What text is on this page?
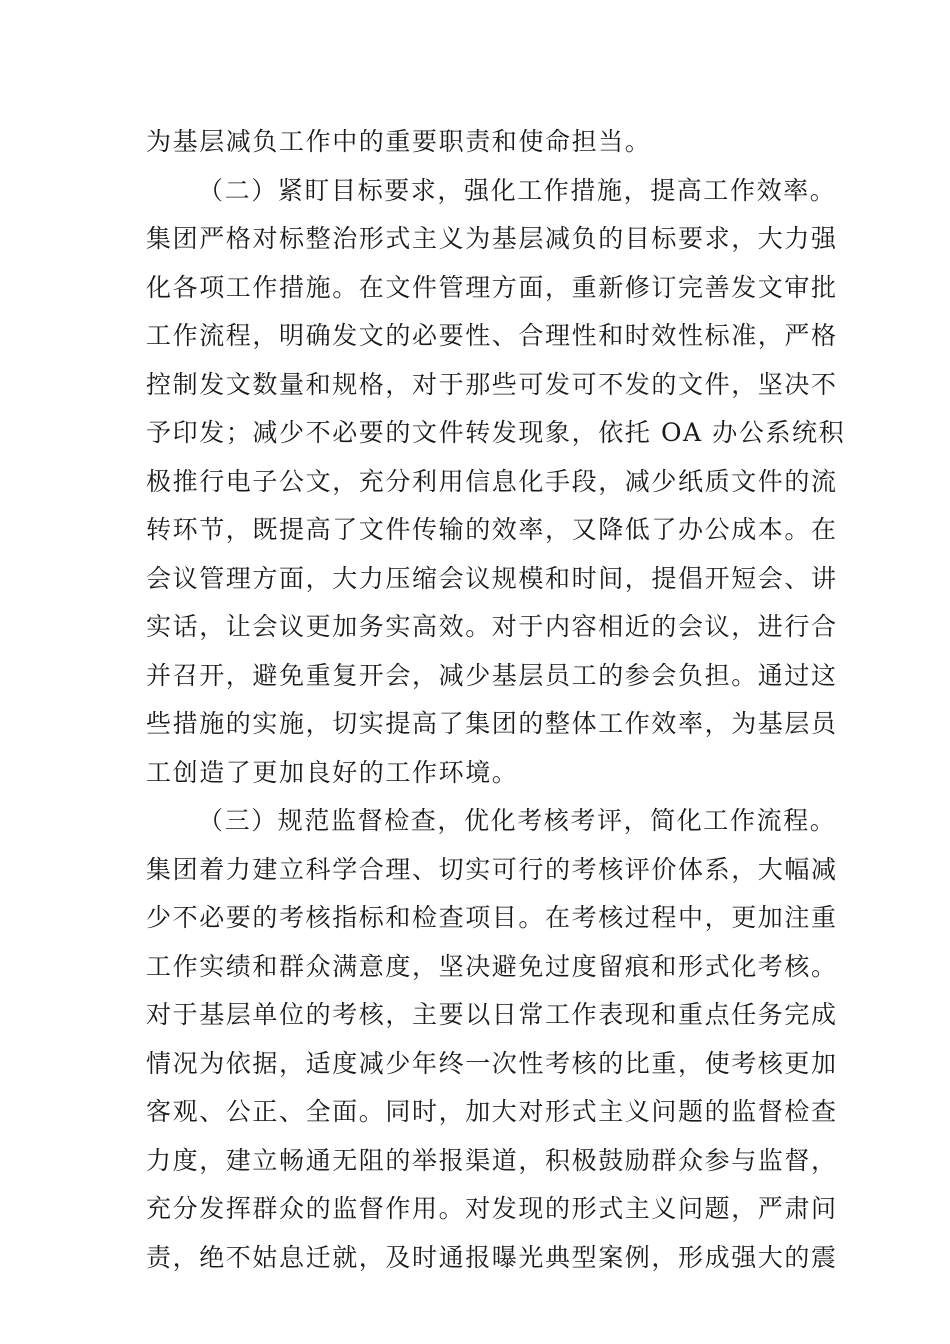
为基层减负工作中的重要职责和使命担当。
（二）紧盯目标要求，强化工作措施，提高工作效率。
集团严格对标整治形式主义为基层减负的目标要求，大力强
化各项工作措施。在文件管理方面，重新修订完善发文审批
工作流程，明确发文的必要性、合理性和时效性标准，严格
控制发文数量和规格，对于那些可发可不发的文件，坚决不
予印发；减少不必要的文件转发现象，依托 OA 办公系统积
极推行电子公文，充分利用信息化手段，减少纸质文件的流
转环节，既提高了文件传输的效率，又降低了办公成本。在
会议管理方面，大力压缩会议规模和时间，提倡开短会、讲
实话，让会议更加务实高效。对于内容相近的会议，进行合
并召开，避免重复开会，减少基层员工的参会负担。通过这
些措施的实施，切实提高了集团的整体工作效率，为基层员
工创造了更加良好的工作环境。
（三）规范监督检查，优化考核考评，简化工作流程。
集团着力建立科学合理、切实可行的考核评价体系，大幅减
少不必要的考核指标和检查项目。在考核过程中，更加注重
工作实绩和群众满意度，坚决避免过度留痕和形式化考核。
对于基层单位的考核，主要以日常工作表现和重点任务完成
情况为依据，适度减少年终一次性考核的比重，使考核更加
客观、公正、全面。同时，加大对形式主义问题的监督检查
力度，建立畅通无阻的举报渠道，积极鼓励群众参与监督，
充分发挥群众的监督作用。对发现的形式主义问题，严肃问
责，绝不姑息迁就，及时通报曝光典型案例，形成强大的震
